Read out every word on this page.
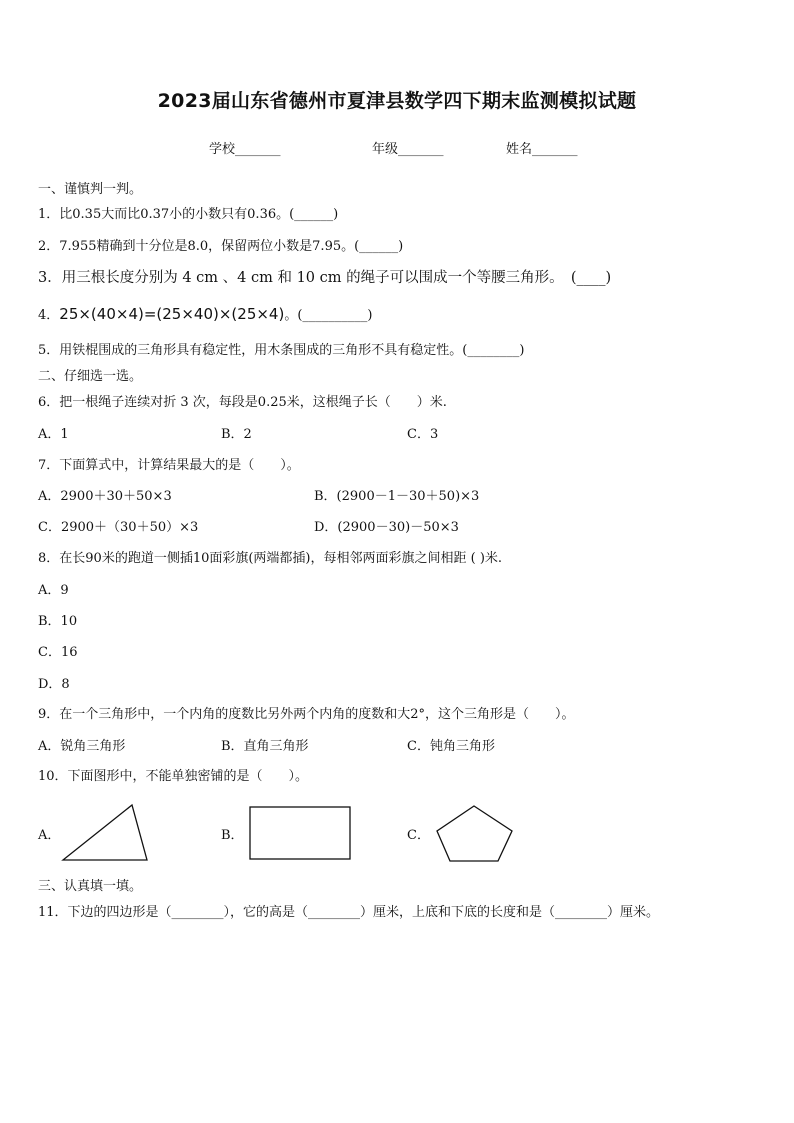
2023届山东省德州市夏津县数学四下期末监测模拟试题
学校_______	年级_______	姓名_______
一、谨慎判一判。
1．比0.35大而比0.37小的小数只有0.36。(______)
2．7.955精确到十分位是8.0，保留两位小数是7.95。(______)
3．用三根长度分别为 4 cm 、4 cm 和 10 cm 的绳子可以围成一个等腰三角形。　(____)
4．25×(40×4)=(25×40)×(25×4)。(__________)
5．用铁棍围成的三角形具有稳定性，用木条围成的三角形不具有稳定性。(________)
二、仔细选一选。
6．把一根绳子连续对折 3 次，每段是0.25米，这根绳子长（　　）米.
A．1	B．2	C．3
7．下面算式中，计算结果最大的是（　　）。
A．2900＋30＋50×3	B．(2900－1－30＋50)×3
C．2900＋（30＋50）×3	D．(2900－30)－50×3
8．在长90米的跑道一侧插10面彩旗(两端都插)，每相邻两面彩旗之间相距 ( )米.
A．9
B．10
C．16
D．8
9．在一个三角形中，一个内角的度数比另外两个内角的度数和大2°，这个三角形是（　　）。
A．锐角三角形	B．直角三角形	C．钝角三角形
10．下面图形中，不能单独密铺的是（　　）。
A．	B．	C．
三、认真填一填。
11．下边的四边形是（________），它的高是（________）厘米，上底和下底的长度和是（________）厘米。
